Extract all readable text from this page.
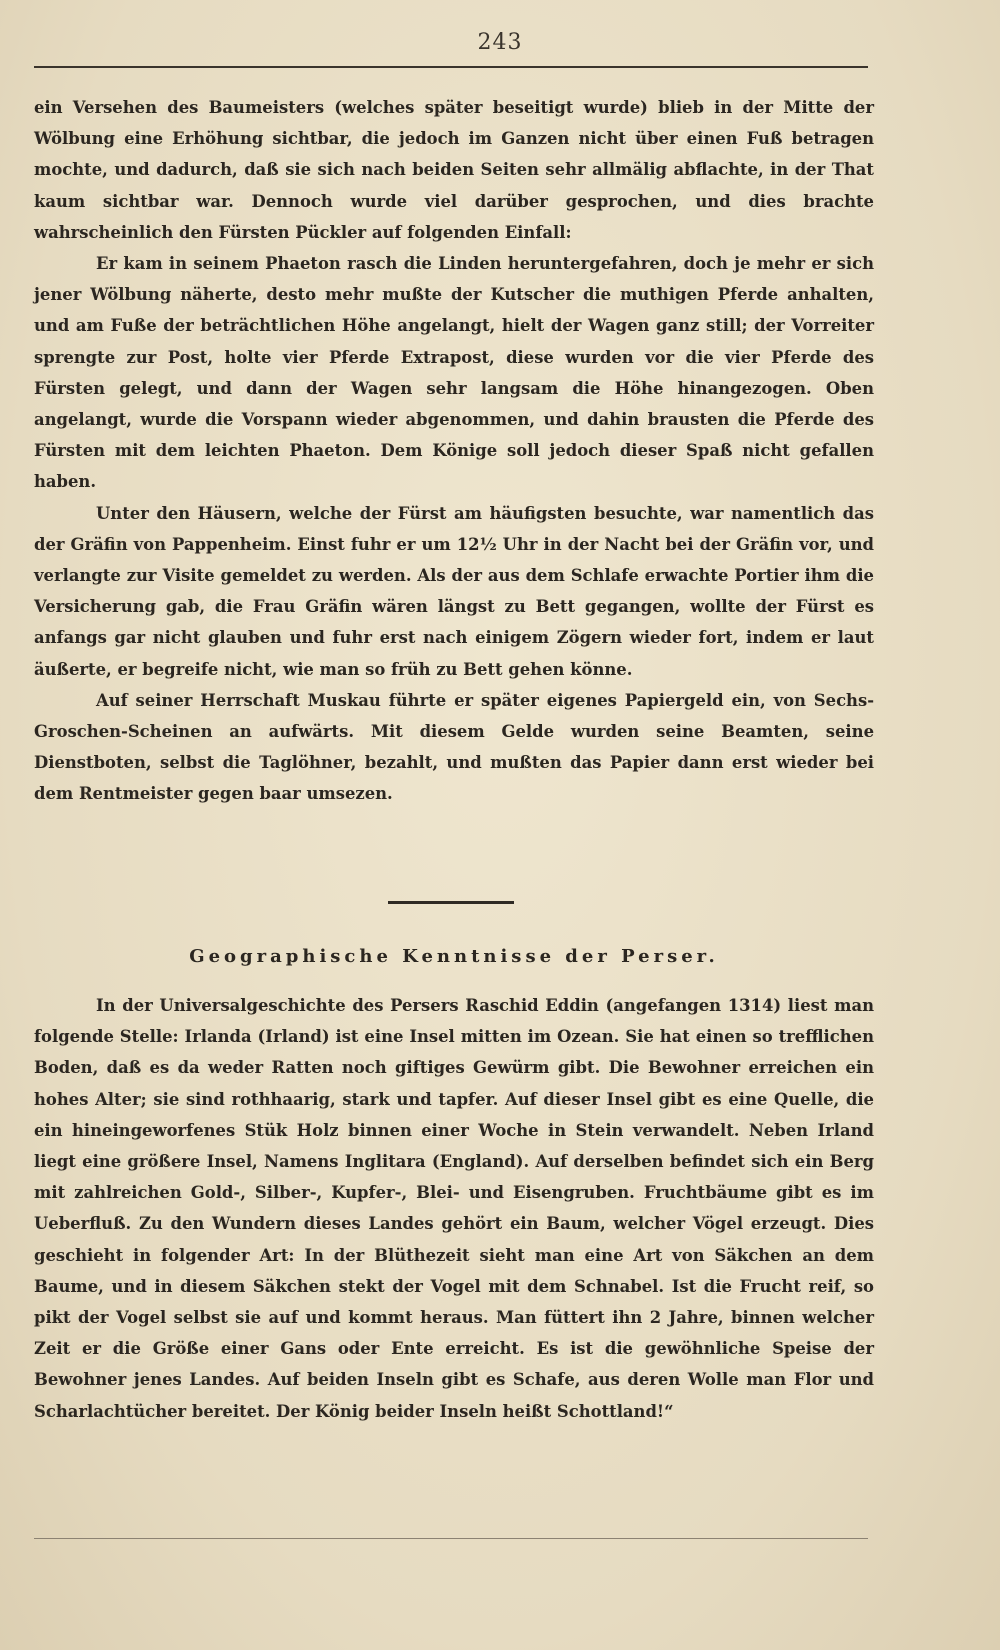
243

ein Versehen des Baumeisters (welches später beseitigt wurde) blieb in der Mitte der Wölbung eine Erhöhung sichtbar, die jedoch im Ganzen nicht über einen Fuß betragen mochte, und dadurch, daß sie sich nach beiden Seiten sehr allmälig abflachte, in der That kaum sichtbar war. Dennoch wurde viel darüber gesprochen, und dies brachte wahrscheinlich den Fürsten Pückler auf folgenden Einfall:

Er kam in seinem Phaeton rasch die Linden heruntergefahren, doch je mehr er sich jener Wölbung näherte, desto mehr mußte der Kutscher die muthigen Pferde anhalten, und am Fuße der beträchtlichen Höhe angelangt, hielt der Wagen ganz still; der Vorreiter sprengte zur Post, holte vier Pferde Extrapost, diese wurden vor die vier Pferde des Fürsten gelegt, und dann der Wagen sehr langsam die Höhe hinangezogen. Oben angelangt, wurde die Vorspann wieder abgenommen, und dahin brausten die Pferde des Fürsten mit dem leichten Phaeton. Dem Könige soll jedoch dieser Spaß nicht gefallen haben.

Unter den Häusern, welche der Fürst am häufigsten besuchte, war namentlich das der Gräfin von Pappenheim. Einst fuhr er um 12½ Uhr in der Nacht bei der Gräfin vor, und verlangte zur Visite gemeldet zu werden. Als der aus dem Schlafe erwachte Portier ihm die Versicherung gab, die Frau Gräfin wären längst zu Bett gegangen, wollte der Fürst es anfangs gar nicht glauben und fuhr erst nach einigem Zögern wieder fort, indem er laut äußerte, er begreife nicht, wie man so früh zu Bett gehen könne.

Auf seiner Herrschaft Muskau führte er später eigenes Papiergeld ein, von Sechs-Groschen-Scheinen an aufwärts. Mit diesem Gelde wurden seine Beamten, seine Dienstboten, selbst die Taglöhner, bezahlt, und mußten das Papier dann erst wieder bei dem Rentmeister gegen baar umsezen.

Geographische Kenntnisse der Perser.

In der Universalgeschichte des Persers Raschid Eddin (angefangen 1314) liest man folgende Stelle: Irlanda (Irland) ist eine Insel mitten im Ozean. Sie hat einen so trefflichen Boden, daß es da weder Ratten noch giftiges Gewürm gibt. Die Bewohner erreichen ein hohes Alter; sie sind rothhaarig, stark und tapfer. Auf dieser Insel gibt es eine Quelle, die ein hineingeworfenes Stük Holz binnen einer Woche in Stein verwandelt. Neben Irland liegt eine größere Insel, Namens Inglitara (England). Auf derselben befindet sich ein Berg mit zahlreichen Gold-, Silber-, Kupfer-, Blei- und Eisengruben. Fruchtbäume gibt es im Ueberfluß. Zu den Wundern dieses Landes gehört ein Baum, welcher Vögel erzeugt. Dies geschieht in folgender Art: In der Blüthezeit sieht man eine Art von Säkchen an dem Baume, und in diesem Säkchen stekt der Vogel mit dem Schnabel. Ist die Frucht reif, so pikt der Vogel selbst sie auf und kommt heraus. Man füttert ihn 2 Jahre, binnen welcher Zeit er die Größe einer Gans oder Ente erreicht. Es ist die gewöhnliche Speise der Bewohner jenes Landes. Auf beiden Inseln gibt es Schafe, aus deren Wolle man Flor und Scharlachtücher bereitet. Der König beider Inseln heißt Schottland!“
